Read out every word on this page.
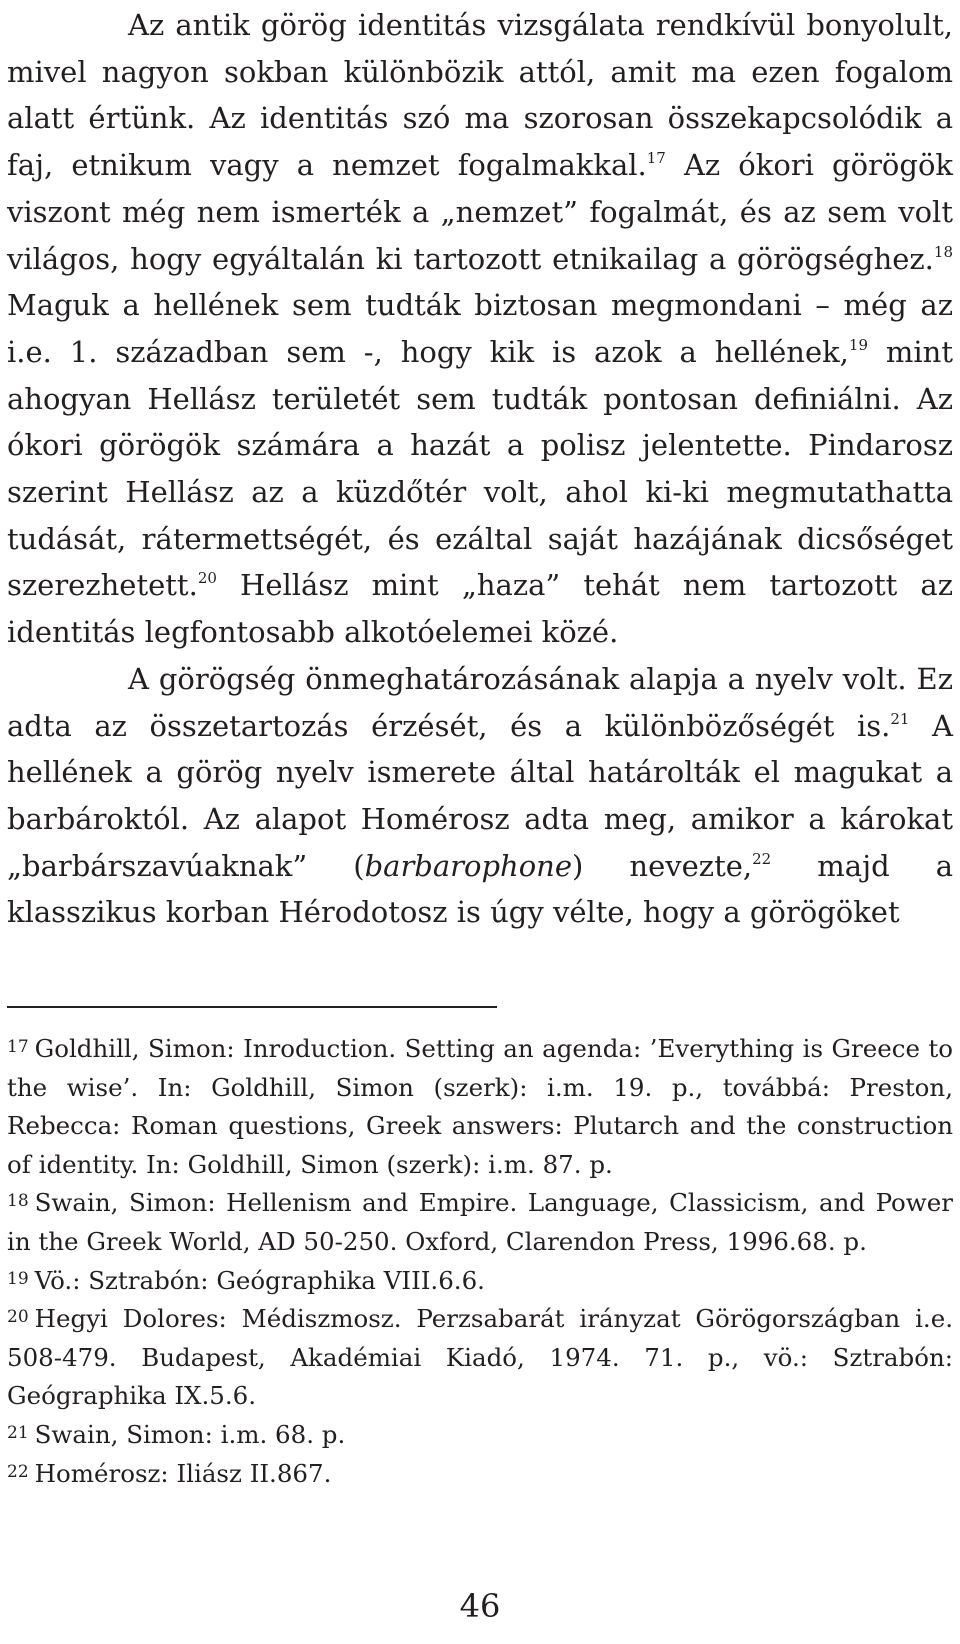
Az antik görög identitás vizsgálata rendkívül bonyolult, mivel nagyon sokban különbözik attól, amit ma ezen fogalom alatt értünk. Az identitás szó ma szorosan összekapcsolódik a faj, etnikum vagy a nemzet fogalmakkal.$^{17}$ Az ókori görögök viszont még nem ismerték a „nemzet” fogalmát, és az sem volt világos, hogy egyáltalán ki tartozott etnikailag a görögséghez.$^{18}$ Maguk a hellének sem tudták biztosan megmondani – még az i.e. 1. században sem -, hogy kik is azok a hellének,$^{19}$ mint ahogyan Hellász területét sem tudták pontosan definiálni. Az ókori görögök számára a hazát a polisz jelentette. Pindarosz szerint Hellász az a küzdőtér volt, ahol ki-ki megmutathatta tudását, rátermettségét, és ezáltal saját hazájának dicsőséget szerezhetett.$^{20}$ Hellász mint „haza” tehát nem tartozott az identitás legfontosabb alkotóelemei közé.

A görögség önmeghatározásának alapja a nyelv volt. Ez adta az összetartozás érzését, és a különbözőségét is.$^{21}$ A hellének a görög nyelv ismerete által határolták el magukat a barbároktól. Az alapot Homérosz adta meg, amikor a károkat „barbárszavúaknak” (barbarophone) nevezte,$^{22}$ majd a klasszikus korban Hérodotosz is úgy vélte, hogy a görögöket

$^{17}$ Goldhill, Simon: Inroduction. Setting an agenda: ’Everything is Greece to the wise’. In: Goldhill, Simon (szerk): i.m. 19. p., továbbá: Preston, Rebecca: Roman questions, Greek answers: Plutarch and the construction of identity. In: Goldhill, Simon (szerk): i.m. 87. p.

$^{18}$ Swain, Simon: Hellenism and Empire. Language, Classicism, and Power in the Greek World, AD 50-250. Oxford, Clarendon Press, 1996.68. p.

$^{19}$ Vö.: Sztrabón: Geógraphika VIII.6.6.

$^{20}$ Hegyi Dolores: Médiszmosz. Perzsabarát irányzat Görögországban i.e. 508-479. Budapest, Akadémiai Kiadó, 1974. 71. p., vö.: Sztrabón: Geógraphika IX.5.6.

$^{21}$ Swain, Simon: i.m. 68. p.

$^{22}$ Homérosz: Iliász II.867.

46
